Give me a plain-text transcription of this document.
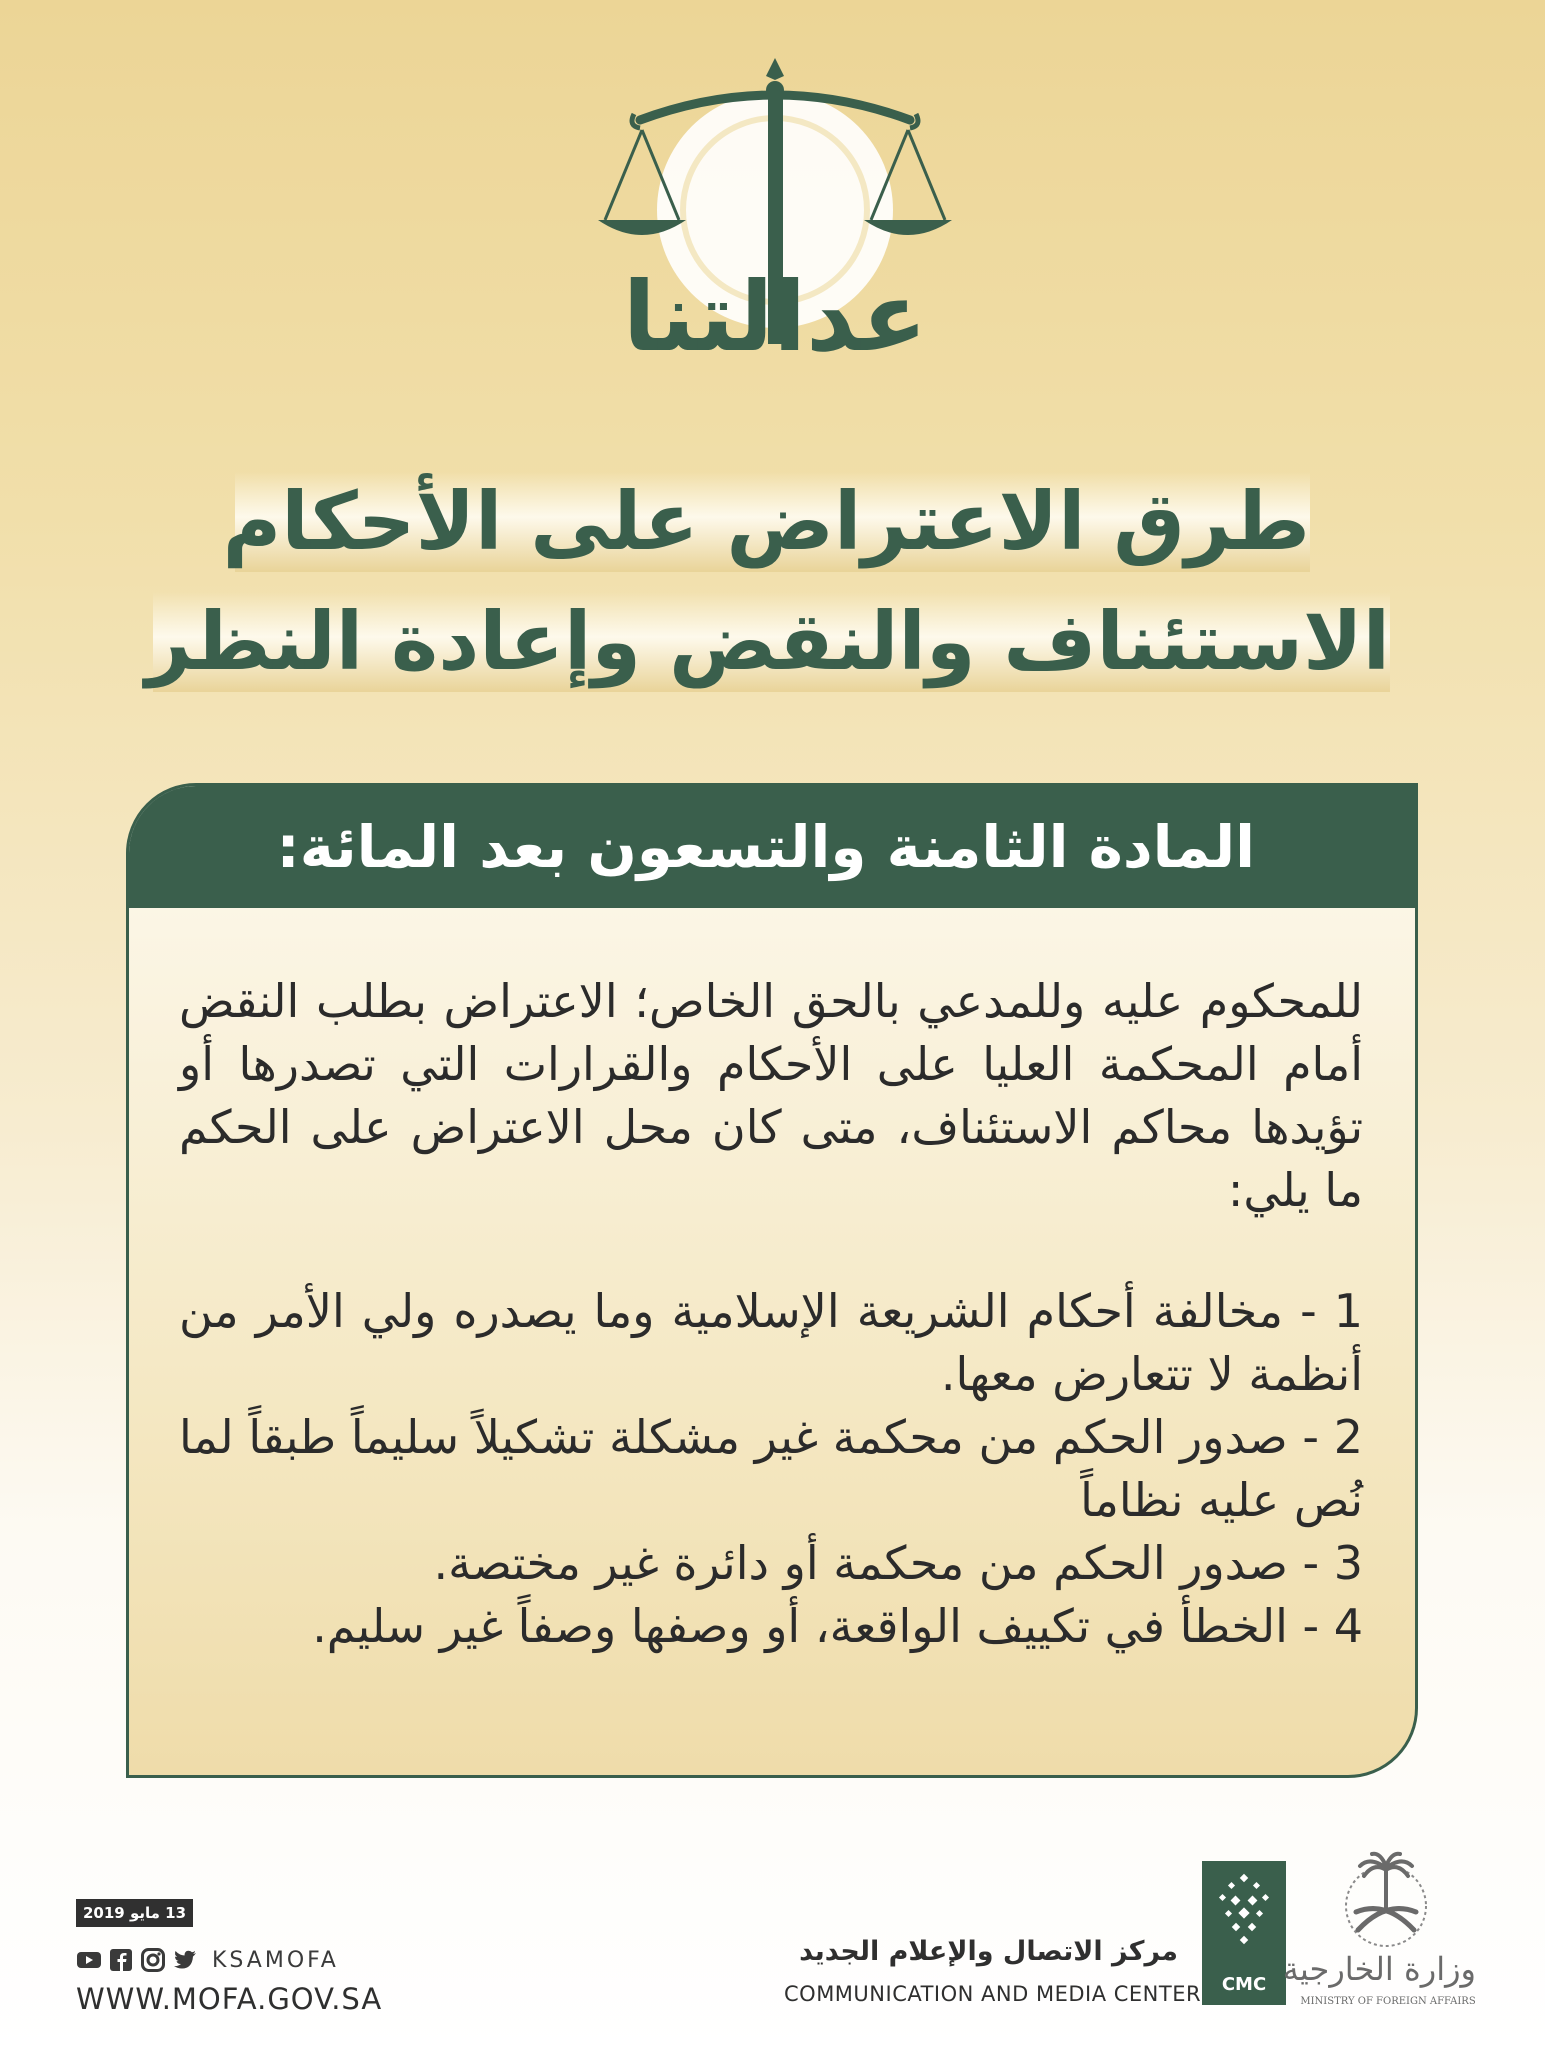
عدالتنا
طرق الاعتراض على الأحكام
الاستئناف والنقض وإعادة النظر
المادة الثامنة والتسعون بعد المائة:

للمحكوم عليه وللمدعي بالحق الخاص؛ الاعتراض بطلب النقض أمام المحكمة العليا على الأحكام والقرارات التي تصدرها أو تؤيدها محاكم الاستئناف، متى كان محل الاعتراض على الحكم ما يلي:

1 - مخالفة أحكام الشريعة الإسلامية وما يصدره ولي الأمر من أنظمة لا تتعارض معها.

2 - صدور الحكم من محكمة غير مشكلة تشكيلاً سليماً طبقاً لما نُص عليه نظاماً

3 - صدور الحكم من محكمة أو دائرة غير مختصة.

4 - الخطأ في تكييف الواقعة، أو وصفها وصفاً غير سليم.

13 مايو 2019
KSAMOFA
WWW.MOFA.GOV.SA
مركز الاتصال والإعلام الجديد
COMMUNICATION AND MEDIA CENTER	CMC وزارة الخارجية
MINISTRY OF FOREIGN AFFAIRS
